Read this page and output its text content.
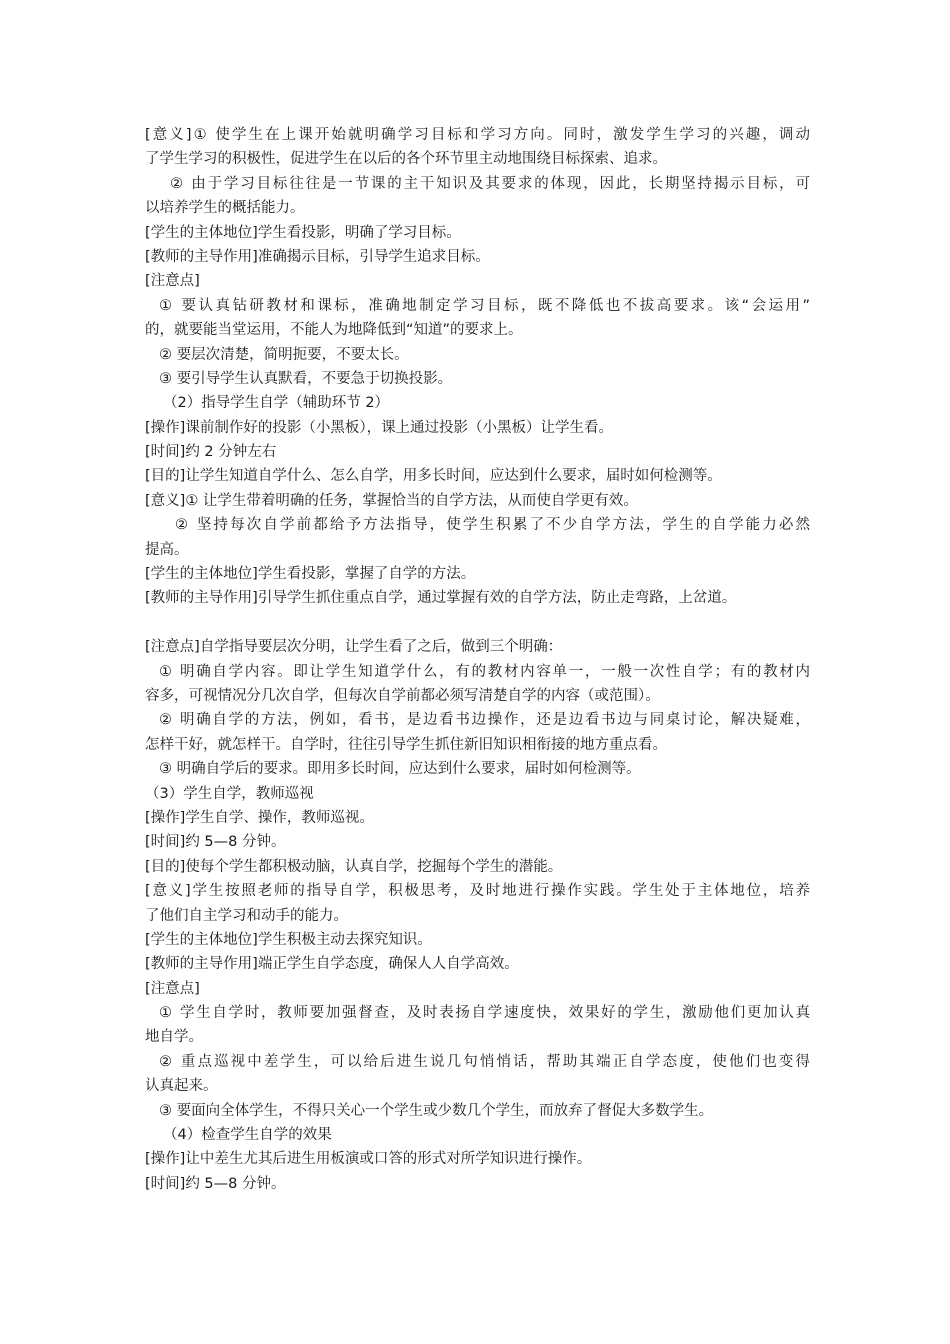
[意义]① 使学生在上课开始就明确学习目标和学习方向。同时，激发学生学习的兴趣，调动
了学生学习的积极性，促进学生在以后的各个环节里主动地围绕目标探索、追求。
② 由于学习目标往往是一节课的主干知识及其要求的体现，因此，长期坚持揭示目标，可
以培养学生的概括能力。
[学生的主体地位]学生看投影，明确了学习目标。
[教师的主导作用]准确揭示目标，引导学生追求目标。
[注意点]
① 要认真钻研教材和课标，准确地制定学习目标，既不降低也不拔高要求。该“会运用”
的，就要能当堂运用，不能人为地降低到“知道”的要求上。
② 要层次清楚，简明扼要，不要太长。
③ 要引导学生认真默看，不要急于切换投影。
（2）指导学生自学（辅助环节 2）
[操作]课前制作好的投影（小黑板），课上通过投影（小黑板）让学生看。
[时间]约 2 分钟左右
[目的]让学生知道自学什么、怎么自学，用多长时间，应达到什么要求，届时如何检测等。
[意义]① 让学生带着明确的任务，掌握恰当的自学方法，从而使自学更有效。
② 坚持每次自学前都给予方法指导，使学生积累了不少自学方法，学生的自学能力必然
提高。
[学生的主体地位]学生看投影，掌握了自学的方法。
[教师的主导作用]引导学生抓住重点自学，通过掌握有效的自学方法，防止走弯路，上岔道。
[注意点]自学指导要层次分明，让学生看了之后，做到三个明确：
① 明确自学内容。即让学生知道学什么，有的教材内容单一，一般一次性自学；有的教材内
容多，可视情况分几次自学，但每次自学前都必须写清楚自学的内容（或范围）。
② 明确自学的方法，例如，看书，是边看书边操作，还是边看书边与同桌讨论，解决疑难，
怎样干好，就怎样干。自学时，往往引导学生抓住新旧知识相衔接的地方重点看。
③ 明确自学后的要求。即用多长时间，应达到什么要求，届时如何检测等。
（3）学生自学，教师巡视
[操作]学生自学、操作，教师巡视。
[时间]约 5—8 分钟。
[目的]使每个学生都积极动脑，认真自学，挖掘每个学生的潜能。
[意义]学生按照老师的指导自学，积极思考，及时地进行操作实践。学生处于主体地位，培养
了他们自主学习和动手的能力。
[学生的主体地位]学生积极主动去探究知识。
[教师的主导作用]端正学生自学态度，确保人人自学高效。
[注意点]
① 学生自学时，教师要加强督查，及时表扬自学速度快，效果好的学生，激励他们更加认真
地自学。
② 重点巡视中差学生，可以给后进生说几句悄悄话，帮助其端正自学态度，使他们也变得
认真起来。
③ 要面向全体学生，不得只关心一个学生或少数几个学生，而放弃了督促大多数学生。
（4）检查学生自学的效果
[操作]让中差生尤其后进生用板演或口答的形式对所学知识进行操作。
[时间]约 5—8 分钟。
